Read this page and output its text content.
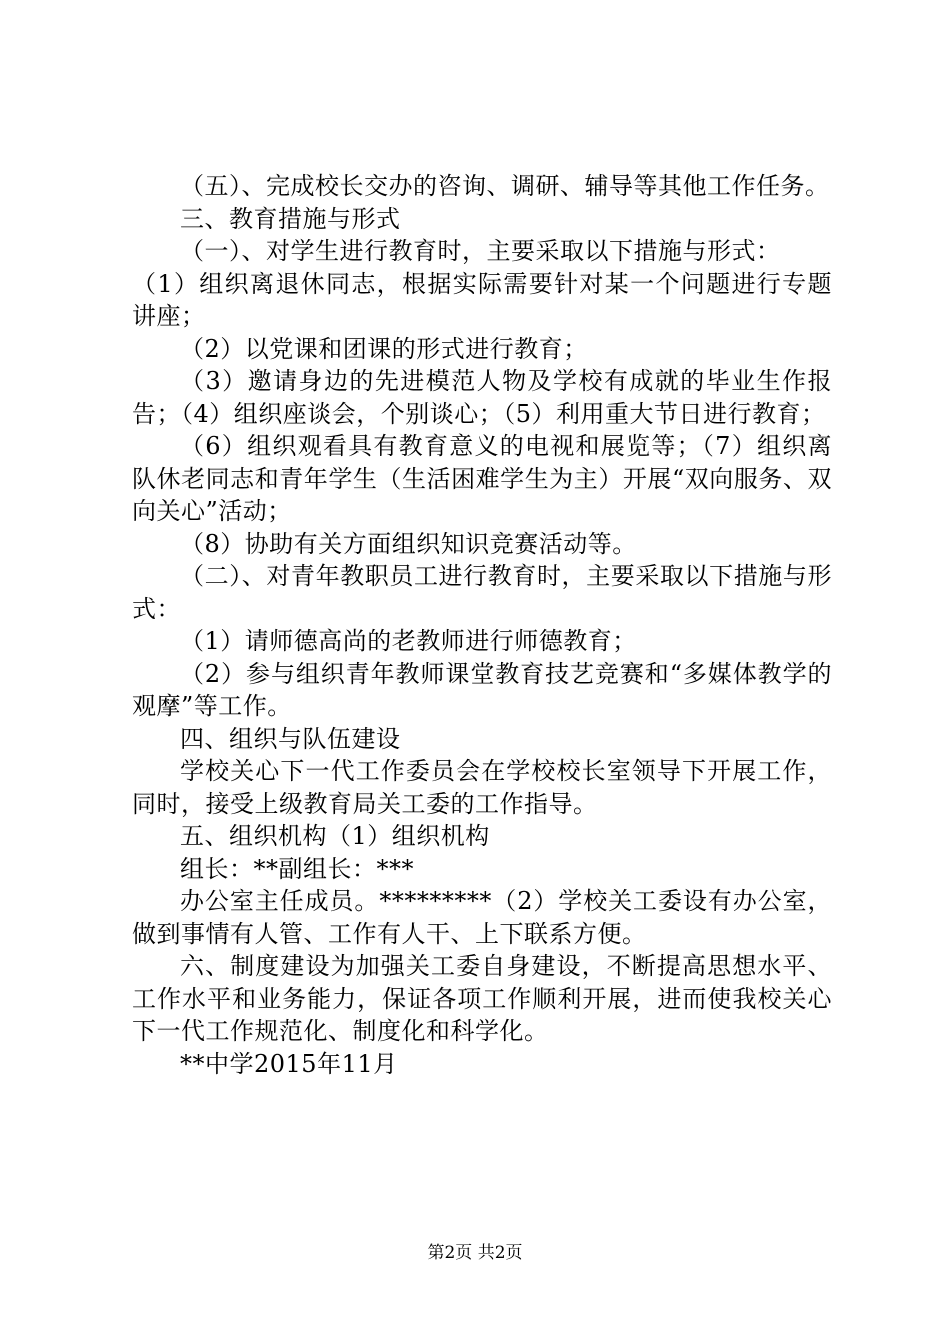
（五）、完成校长交办的咨询、调研、辅导等其他工作任务。

三、教育措施与形式

（一）、对学生进行教育时，主要采取以下措施与形式：

（1）组织离退休同志，根据实际需要针对某一个问题进行专题讲座；

（2）以党课和团课的形式进行教育；

（3）邀请身边的先进模范人物及学校有成就的毕业生作报告；（4）组织座谈会，个别谈心；（5）利用重大节日进行教育；

（6）组织观看具有教育意义的电视和展览等；（7）组织离队休老同志和青年学生（生活困难学生为主）开展“双向服务、双向关心”活动；

（8）协助有关方面组织知识竞赛活动等。

（二）、对青年教职员工进行教育时，主要采取以下措施与形式：

（1）请师德高尚的老教师进行师德教育；

（2）参与组织青年教师课堂教育技艺竞赛和“多媒体教学的观摩”等工作。

四、组织与队伍建设

学校关心下一代工作委员会在学校校长室领导下开展工作，同时，接受上级教育局关工委的工作指导。

五、组织机构（1）组织机构

组长：**副组长：***

办公室主任成员。*********（2）学校关工委设有办公室，做到事情有人管、工作有人干、上下联系方便。

六、制度建设为加强关工委自身建设，不断提高思想水平、工作水平和业务能力，保证各项工作顺利开展，进而使我校关心下一代工作规范化、制度化和科学化。

**中学2015年11月

第2页 共2页
